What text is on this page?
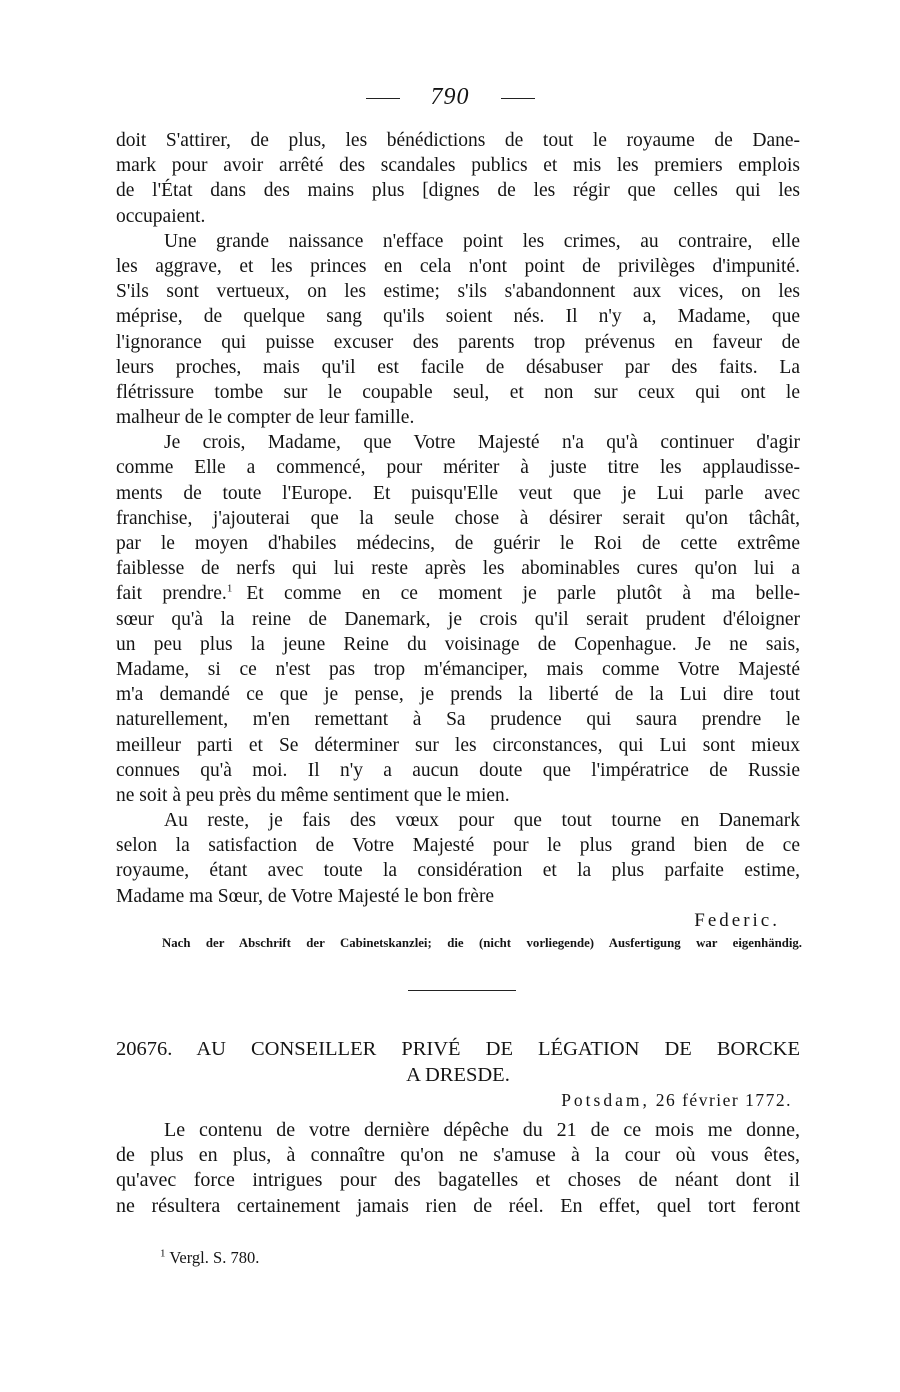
790
doit S'attirer, de plus, les bénédictions de tout le royaume de Dane-
mark pour avoir arrêté des scandales publics et mis les premiers emplois
de l'État dans des mains plus [dignes de les régir que celles qui les
occupaient.
Une grande naissance n'efface point les crimes, au contraire, elle
les aggrave, et les princes en cela n'ont point de privilèges d'impunité.
S'ils sont vertueux, on les estime; s'ils s'abandonnent aux vices, on les
méprise, de quelque sang qu'ils soient nés. Il n'y a, Madame, que
l'ignorance qui puisse excuser des parents trop prévenus en faveur de
leurs proches, mais qu'il est facile de désabuser par des faits. La
flétrissure tombe sur le coupable seul, et non sur ceux qui ont le
malheur de le compter de leur famille.
Je crois, Madame, que Votre Majesté n'a qu'à continuer d'agir
comme Elle a commencé, pour mériter à juste titre les applaudisse-
ments de toute l'Europe. Et puisqu'Elle veut que je Lui parle avec
franchise, j'ajouterai que la seule chose à désirer serait qu'on tâchât,
par le moyen d'habiles médecins, de guérir le Roi de cette extrême
faiblesse de nerfs qui lui reste après les abominables cures qu'on lui a
fait prendre.$^1$ Et comme en ce moment je parle plutôt à ma belle-
sœur qu'à la reine de Danemark, je crois qu'il serait prudent d'éloigner
un peu plus la jeune Reine du voisinage de Copenhague. Je ne sais,
Madame, si ce n'est pas trop m'émanciper, mais comme Votre Majesté
m'a demandé ce que je pense, je prends la liberté de la Lui dire tout
naturellement, m'en remettant à Sa prudence qui saura prendre le
meilleur parti et Se déterminer sur les circonstances, qui Lui sont mieux
connues qu'à moi. Il n'y a aucun doute que l'impératrice de Russie
ne soit à peu près du même sentiment que le mien.
Au reste, je fais des vœux pour que tout tourne en Danemark
selon la satisfaction de Votre Majesté pour le plus grand bien de ce
royaume, étant avec toute la considération et la plus parfaite estime,
Madame ma Sœur, de Votre Majesté le bon frère
Federic.
Nach der Abschrift der Cabinetskanzlei; die (nicht vorliegende) Ausfertigung war eigenhändig.
20676. AU CONSEILLER PRIVÉ DE LÉGATION DE BORCKE
A DRESDE.
Potsdam, 26 février 1772.
Le contenu de votre dernière dépêche du 21 de ce mois me donne,
de plus en plus, à connaître qu'on ne s'amuse à la cour où vous êtes,
qu'avec force intrigues pour des bagatelles et choses de néant dont il
ne résultera certainement jamais rien de réel. En effet, quel tort feront
$^1$ Vergl. S. 780.
